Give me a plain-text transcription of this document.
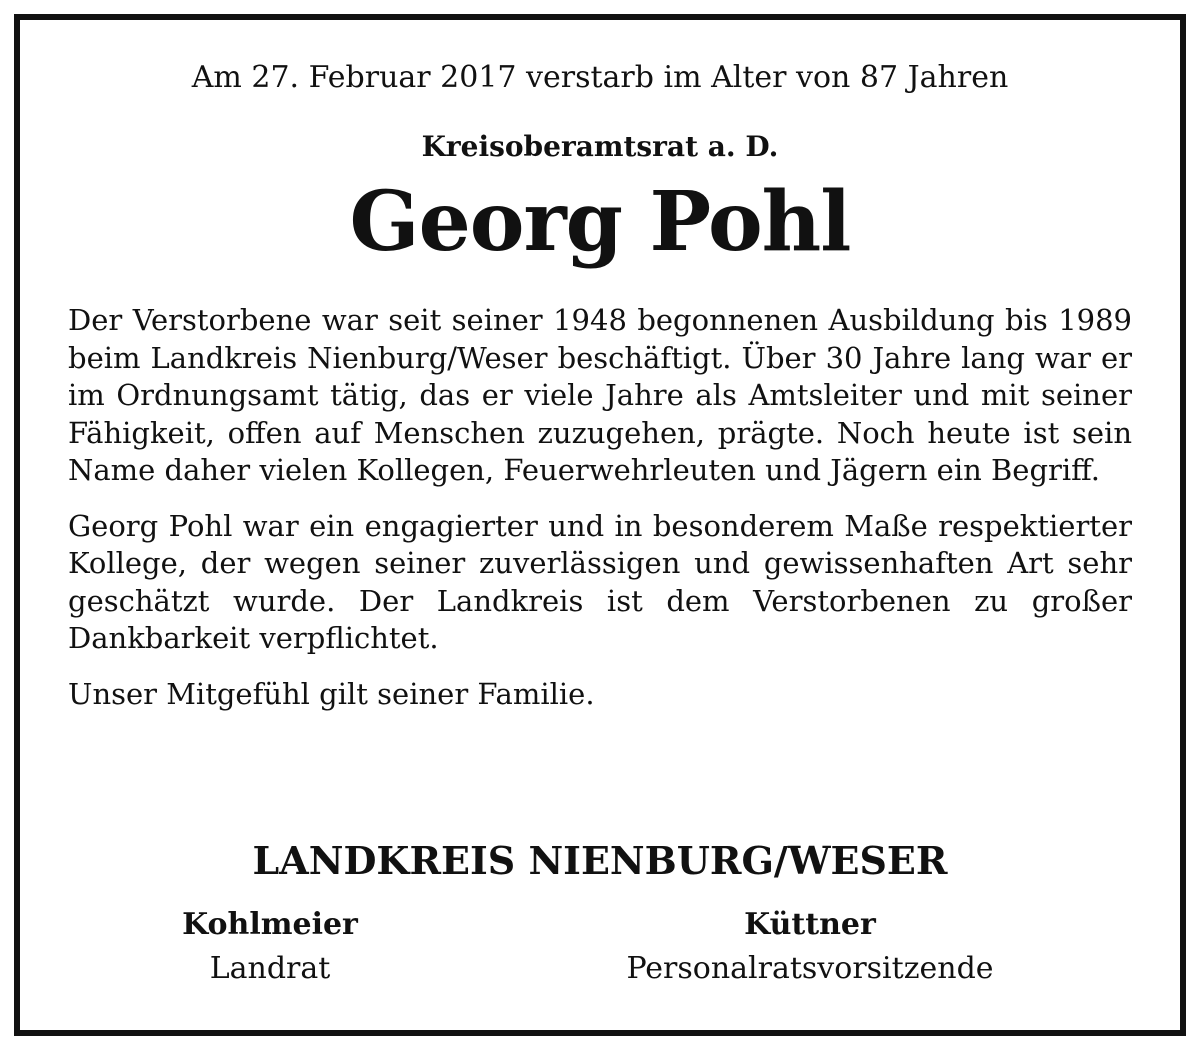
Am 27. Februar 2017 verstarb im Alter von 87 Jahren
Kreisoberamtsrat a. D.
Georg Pohl

Der Verstorbene war seit seiner 1948 begonnenen Ausbildung bis 1989 beim Landkreis Nienburg/Weser beschäftigt. Über 30 Jahre lang war er im Ordnungsamt tätig, das er viele Jahre als Amtsleiter und mit seiner Fähigkeit, offen auf Menschen zuzugehen, prägte. Noch heute ist sein Name daher vielen Kollegen, Feuerwehrleuten und Jägern ein Begriff.

Georg Pohl war ein engagierter und in besonderem Maße respektierter Kollege, der wegen seiner zuverlässigen und gewissenhaften Art sehr geschätzt wurde. Der Landkreis ist dem Verstorbenen zu großer Dankbarkeit verpflichtet.

Unser Mitgefühl gilt seiner Familie.

LANDKREIS NIENBURG/WESER
Kohlmeier
Landrat
Küttner
Personalratsvorsitzende
